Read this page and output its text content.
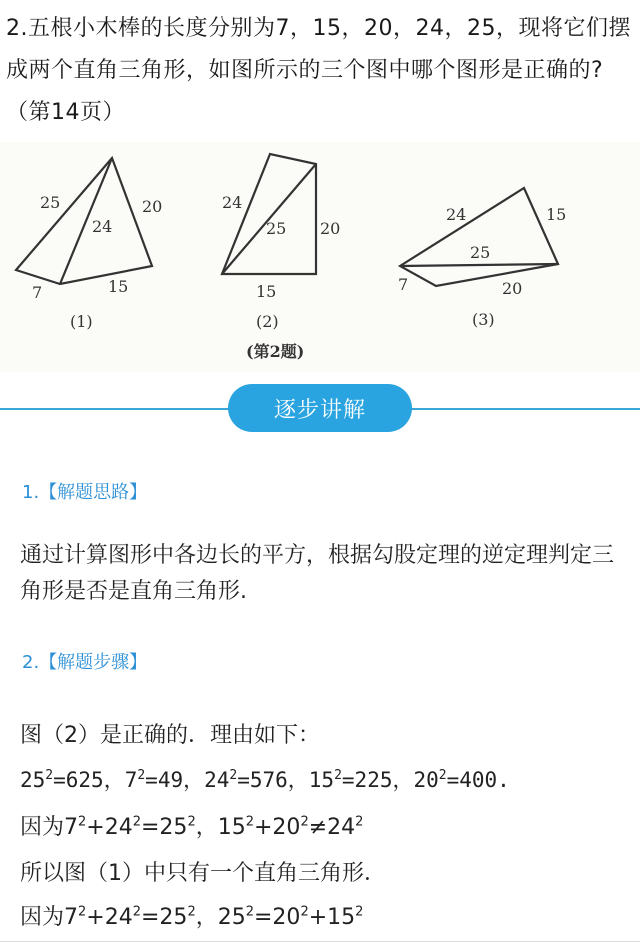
2.五根小木棒的长度分别为7，15，20，24，25，现将它们摆成两个直角三角形，如图所示的三个图中哪个图形是正确的?（第14页）
25
24
20
7	15
(1)
24
25 20
15
(2)
(第2题)
24	15
25
7	20
(3)
逐步讲解
1.【解题思路】
通过计算图形中各边长的平方，根据勾股定理的逆定理判定三角形是否是直角三角形.
2.【解题步骤】
图（2）是正确的．理由如下：
$25^2=625$，$7^2=49$，$24^2=576$，$15^2=225$，$20^2=400$.
因为$7^2+24^2=25^2$，$15^2+20^2\ne 24^2$
所以图（1）中只有一个直角三角形．
因为$7^2+24^2=25^2$，$25^2=20^2+15^2$
